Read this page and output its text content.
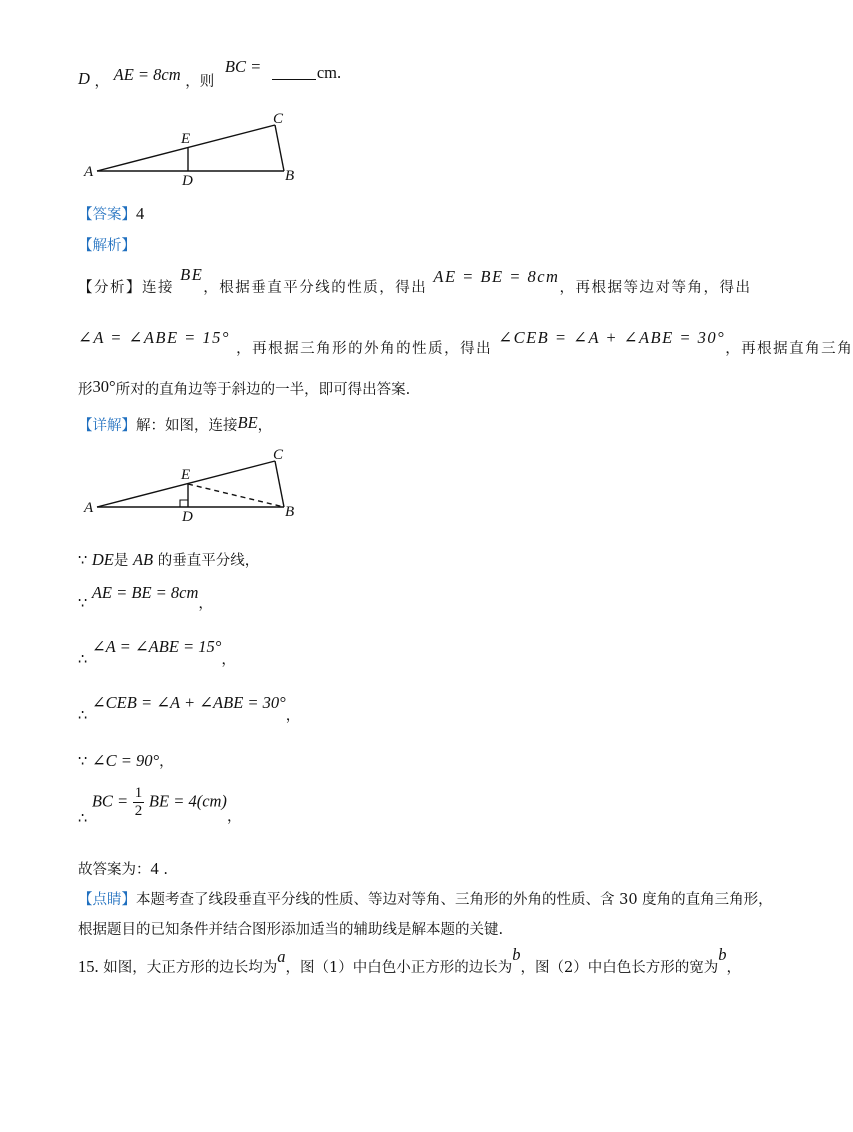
D ， AE = 8cm ，则 BC =	cm.
A	B
C
D
E
【答案】4
【解析】
【分析】连接 BE，根据垂直平分线的性质，得出 AE = BE = 8cm，再根据等边对等角，得出
∠A = ∠ABE = 15° ，再根据三角形的外角的性质，得出 ∠CEB = ∠A + ∠ABE = 30°，再根据直角三角
形30°所对的直角边等于斜边的一半，即可得出答案.
【详解】解：如图，连接BE，
A	B
C
D
E
∵ DE是 AB 的垂直平分线，
∵ AE = BE = 8cm，
∴ ∠A = ∠ABE = 15°，
∴ ∠CEB = ∠A + ∠ABE = 30°，
∵ ∠C = 90°，
∴ BC = $\frac{1}{2}$ BE = 4(cm)，
故答案为：4 .
【点睛】本题考查了线段垂直平分线的性质、等边对等角、三角形的外角的性质、含 30 度角的直角三角形，
根据题目的已知条件并结合图形添加适当的辅助线是解本题的关键.
15. 如图，大正方形的边长均为a，图（1）中白色小正方形的边长为b，图（2）中白色长方形的宽为b，
